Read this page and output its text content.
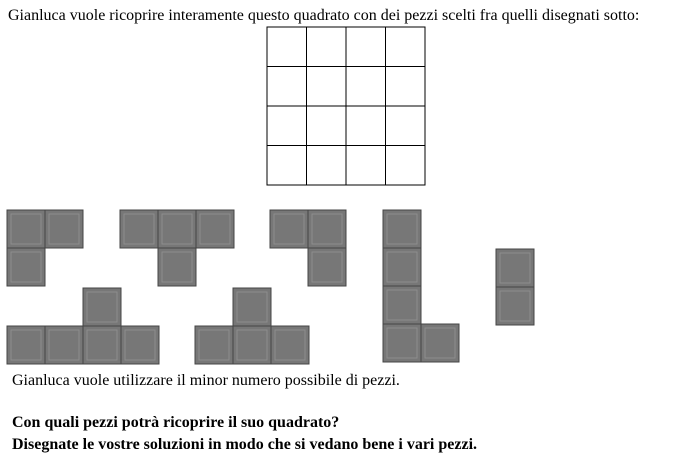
Gianluca vuole ricoprire interamente questo quadrato con dei pezzi scelti fra quelli disegnati sotto:
Gianluca vuole utilizzare il minor numero possibile di pezzi.
Con quali pezzi potrà ricoprire il suo quadrato?
Disegnate le vostre soluzioni in modo che si vedano bene i vari pezzi.
